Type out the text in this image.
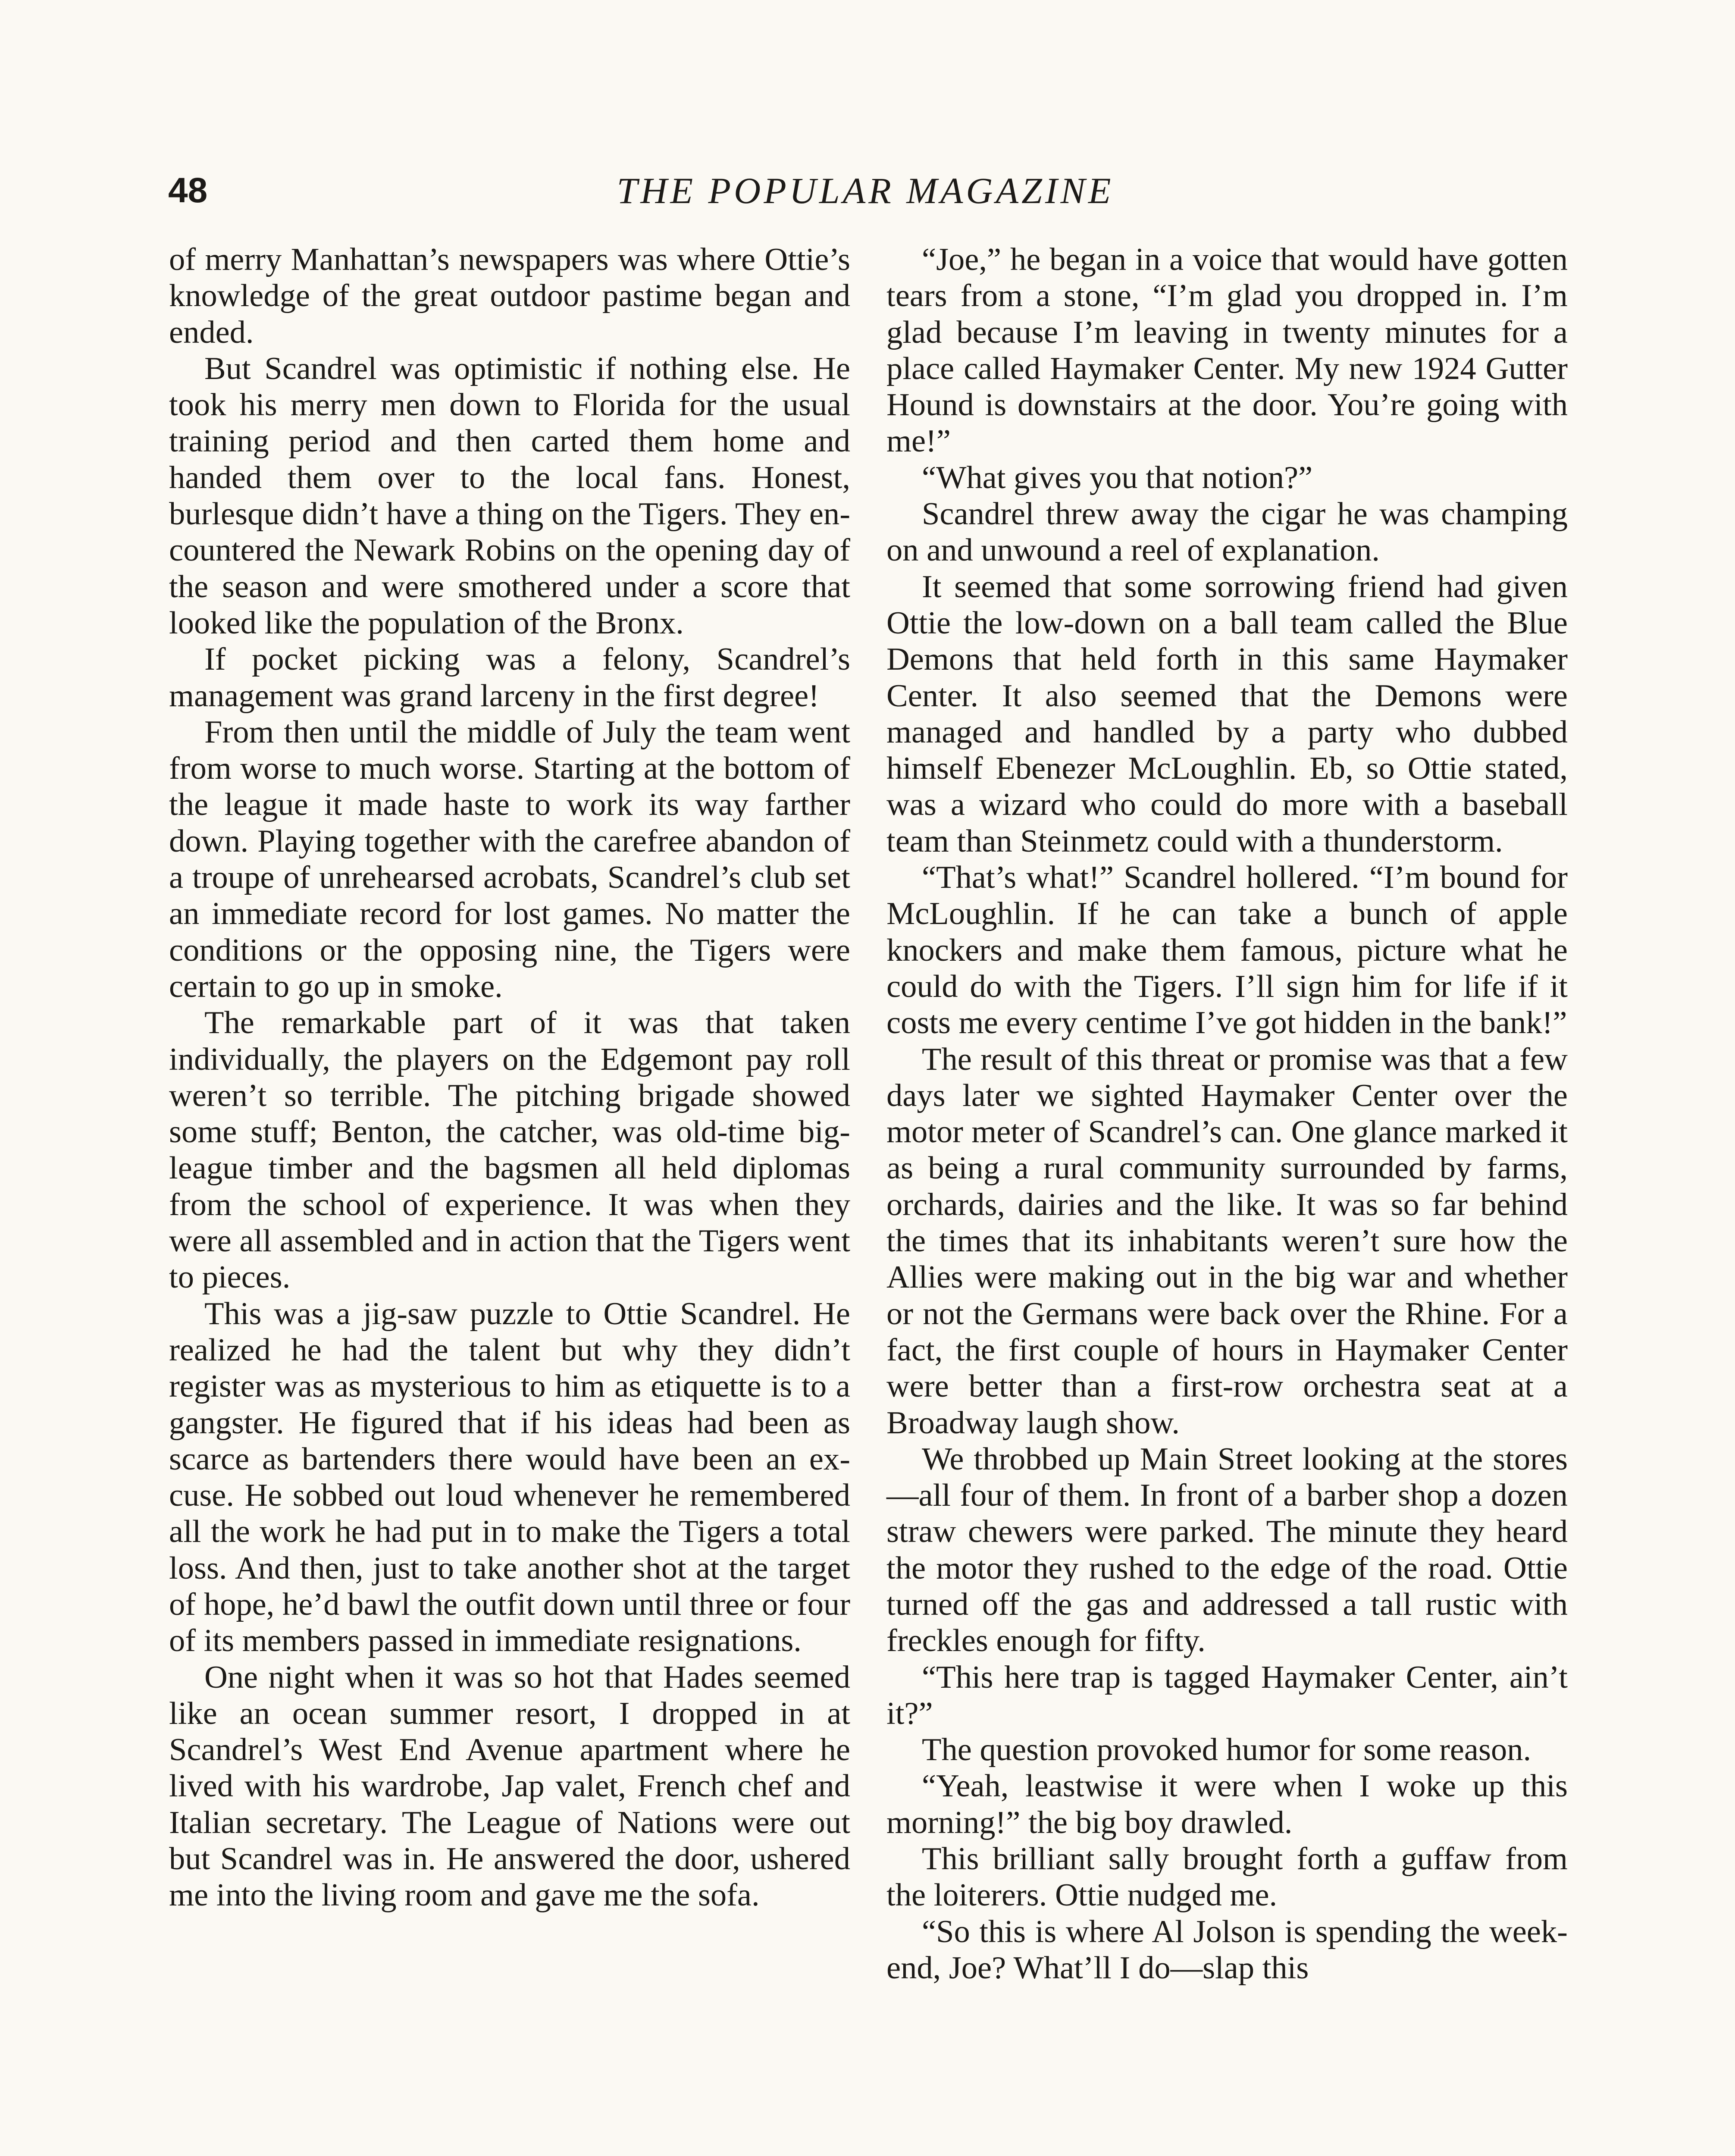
48	THE POPULAR MAGAZINE

of merry Manhattan’s newspapers was where Ottie’s knowledge of the great outdoor pastime began and ended.

But Scandrel was optimistic if nothing else. He took his merry men down to Florida for the usual training period and then carted them home and handed them over to the local fans. Honest, burlesque didn’t have a thing on the Tigers. They encountered the Newark Robins on the opening day of the season and were smothered under a score that looked like the population of the Bronx.

If pocket picking was a felony, Scandrel’s management was grand larceny in the first degree!

From then until the middle of July the team went from worse to much worse. Starting at the bottom of the league it made haste to work its way farther down. Playing together with the carefree abandon of a troupe of unrehearsed acrobats, Scandrel’s club set an immediate record for lost games. No matter the conditions or the opposing nine, the Tigers were certain to go up in smoke.

The remarkable part of it was that taken individually, the players on the Edgemont pay roll weren’t so terrible. The pitching brigade showed some stuff; Benton, the catcher, was old-time big-league timber and the bagsmen all held diplomas from the school of experience. It was when they were all assembled and in action that the Tigers went to pieces.

This was a jig-saw puzzle to Ottie Scandrel. He realized he had the talent but why they didn’t register was as mysterious to him as etiquette is to a gangster. He figured that if his ideas had been as scarce as bartenders there would have been an excuse. He sobbed out loud whenever he remembered all the work he had put in to make the Tigers a total loss. And then, just to take another shot at the target of hope, he’d bawl the outfit down until three or four of its members passed in immediate resignations.

One night when it was so hot that Hades seemed like an ocean summer resort, I dropped in at Scandrel’s West End Avenue apartment where he lived with his wardrobe, Jap valet, French chef and Italian secretary. The League of Nations were out but Scandrel was in. He answered the door, ushered me into the living room and gave me the sofa.

“Joe,” he began in a voice that would have gotten tears from a stone, “I’m glad you dropped in. I’m glad because I’m leaving in twenty minutes for a place called Haymaker Center. My new 1924 Gutter Hound is downstairs at the door. You’re going with me!”

“What gives you that notion?”

Scandrel threw away the cigar he was champing on and unwound a reel of explanation.

It seemed that some sorrowing friend had given Ottie the low-down on a ball team called the Blue Demons that held forth in this same Haymaker Center. It also seemed that the Demons were managed and handled by a party who dubbed himself Ebenezer McLoughlin. Eb, so Ottie stated, was a wizard who could do more with a baseball team than Steinmetz could with a thunderstorm.

“That’s what!” Scandrel hollered. “I’m bound for McLoughlin. If he can take a bunch of apple knockers and make them famous, picture what he could do with the Tigers. I’ll sign him for life if it costs me every centime I’ve got hidden in the bank!”

The result of this threat or promise was that a few days later we sighted Haymaker Center over the motor meter of Scandrel’s can. One glance marked it as being a rural community surrounded by farms, orchards, dairies and the like. It was so far behind the times that its inhabitants weren’t sure how the Allies were making out in the big war and whether or not the Germans were back over the Rhine. For a fact, the first couple of hours in Haymaker Center were better than a first-row orchestra seat at a Broadway laugh show.

We throbbed up Main Street looking at the stores—all four of them. In front of a barber shop a dozen straw chewers were parked. The minute they heard the motor they rushed to the edge of the road. Ottie turned off the gas and addressed a tall rustic with freckles enough for fifty.

“This here trap is tagged Haymaker Center, ain’t it?”

The question provoked humor for some reason.

“Yeah, leastwise it were when I woke up this morning!” the big boy drawled.

This brilliant sally brought forth a guffaw from the loiterers. Ottie nudged me.

“So this is where Al Jolson is spending the week-end, Joe? What’ll I do—slap this
